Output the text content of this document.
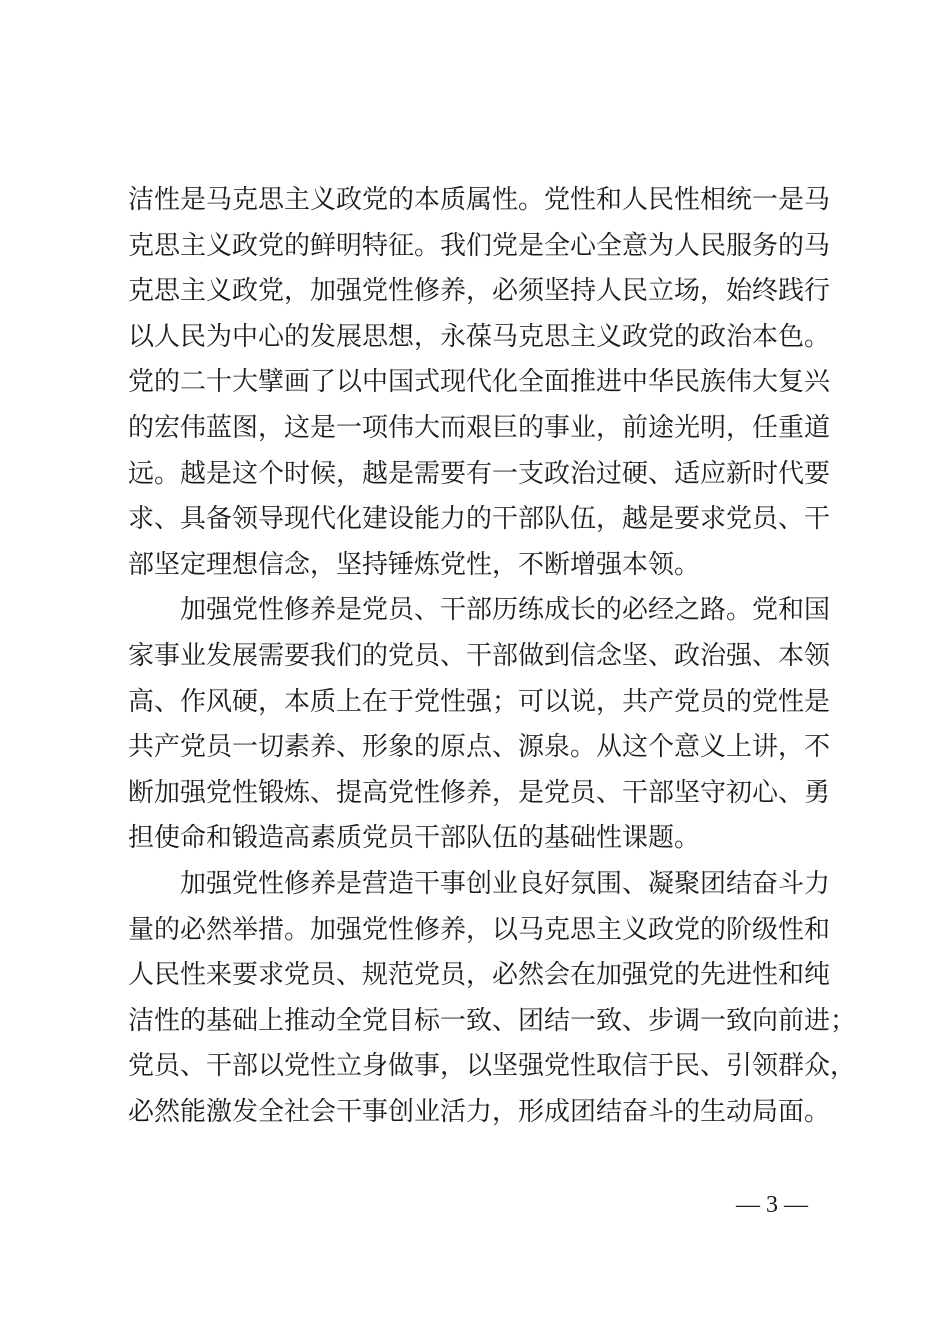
洁性是马克思主义政党的本质属性。党性和人民性相统一是马
克思主义政党的鲜明特征。我们党是全心全意为人民服务的马
克思主义政党，加强党性修养，必须坚持人民立场，始终践行
以人民为中心的发展思想，永葆马克思主义政党的政治本色。
党的二十大擘画了以中国式现代化全面推进中华民族伟大复兴
的宏伟蓝图，这是一项伟大而艰巨的事业，前途光明，任重道
远。越是这个时候，越是需要有一支政治过硬、适应新时代要
求、具备领导现代化建设能力的干部队伍，越是要求党员、干
部坚定理想信念，坚持锤炼党性，不断增强本领。
加强党性修养是党员、干部历练成长的必经之路。党和国
家事业发展需要我们的党员、干部做到信念坚、政治强、本领
高、作风硬，本质上在于党性强；可以说，共产党员的党性是
共产党员一切素养、形象的原点、源泉。从这个意义上讲，不
断加强党性锻炼、提高党性修养，是党员、干部坚守初心、勇
担使命和锻造高素质党员干部队伍的基础性课题。
加强党性修养是营造干事创业良好氛围、凝聚团结奋斗力
量的必然举措。加强党性修养，以马克思主义政党的阶级性和
人民性来要求党员、规范党员，必然会在加强党的先进性和纯
洁性的基础上推动全党目标一致、团结一致、步调一致向前进；
党员、干部以党性立身做事，以坚强党性取信于民、引领群众，
必然能激发全社会干事创业活力，形成团结奋斗的生动局面。
— 3 —
